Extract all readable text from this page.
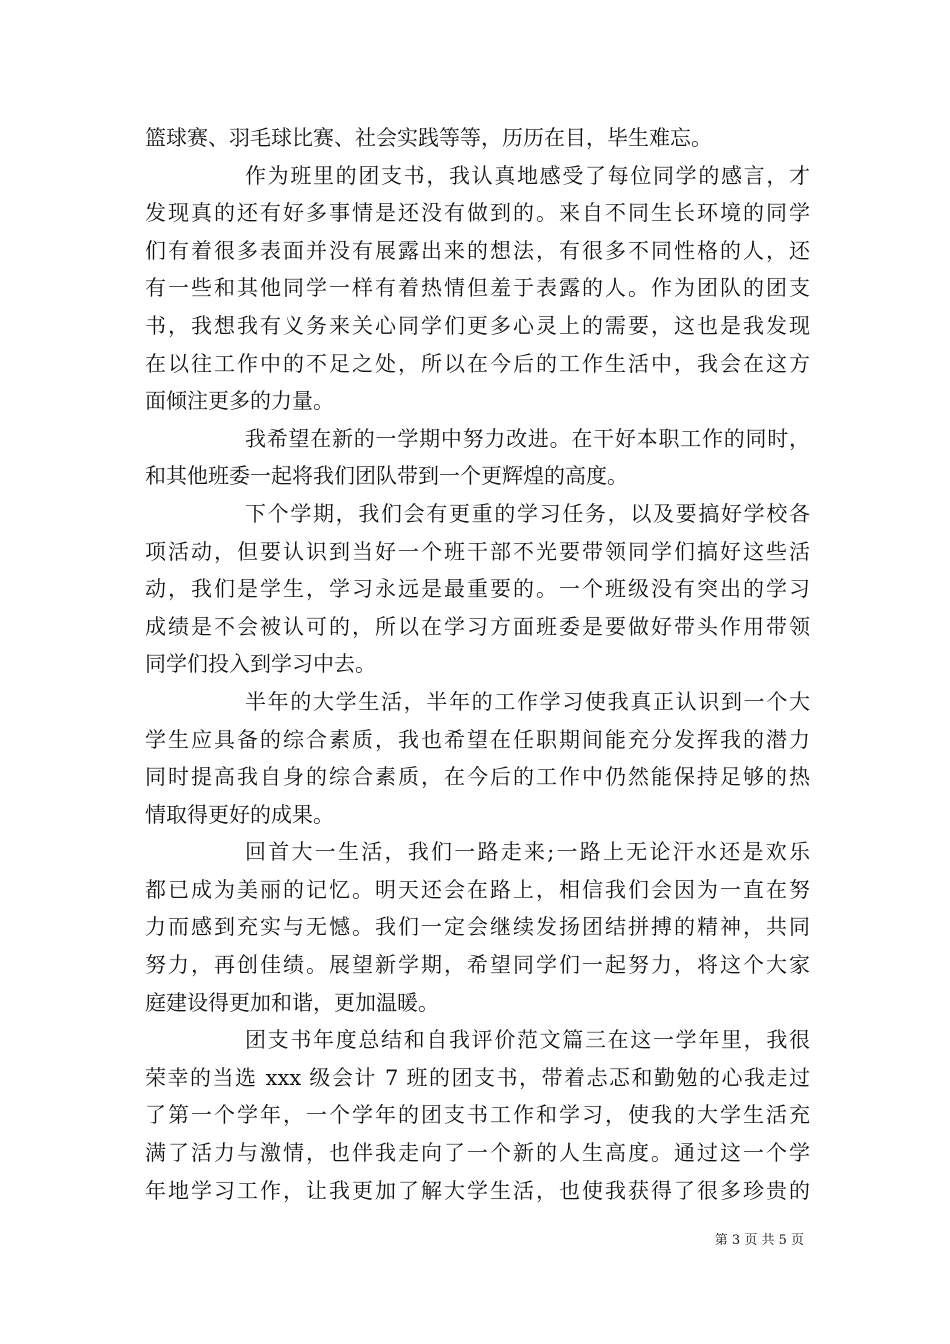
篮球赛、羽毛球比赛、社会实践等等，历历在目，毕生难忘。
作为班里的团支书，我认真地感受了每位同学的感言，才
发现真的还有好多事情是还没有做到的。来自不同生长环境的同学
们有着很多表面并没有展露出来的想法，有很多不同性格的人，还
有一些和其他同学一样有着热情但羞于表露的人。作为团队的团支
书，我想我有义务来关心同学们更多心灵上的需要，这也是我发现
在以往工作中的不足之处，所以在今后的工作生活中，我会在这方
面倾注更多的力量。
我希望在新的一学期中努力改进。在干好本职工作的同时，
和其他班委一起将我们团队带到一个更辉煌的高度。
下个学期，我们会有更重的学习任务，以及要搞好学校各
项活动，但要认识到当好一个班干部不光要带领同学们搞好这些活
动，我们是学生，学习永远是最重要的。一个班级没有突出的学习
成绩是不会被认可的，所以在学习方面班委是要做好带头作用带领
同学们投入到学习中去。
半年的大学生活，半年的工作学习使我真正认识到一个大
学生应具备的综合素质，我也希望在任职期间能充分发挥我的潜力
同时提高我自身的综合素质，在今后的工作中仍然能保持足够的热
情取得更好的成果。
回首大一生活，我们一路走来;一路上无论汗水还是欢乐
都已成为美丽的记忆。明天还会在路上，相信我们会因为一直在努
力而感到充实与无憾。我们一定会继续发扬团结拼搏的精神，共同
努力，再创佳绩。展望新学期，希望同学们一起努力，将这个大家
庭建设得更加和谐，更加温暖。
团支书年度总结和自我评价范文篇三在这一学年里，我很
荣幸的当选 xxx 级会计 7 班的团支书，带着忐忑和勤勉的心我走过
了第一个学年，一个学年的团支书工作和学习，使我的大学生活充
满了活力与激情，也伴我走向了一个新的人生高度。通过这一个学
年地学习工作，让我更加了解大学生活，也使我获得了很多珍贵的
第 3 页 共 5 页
